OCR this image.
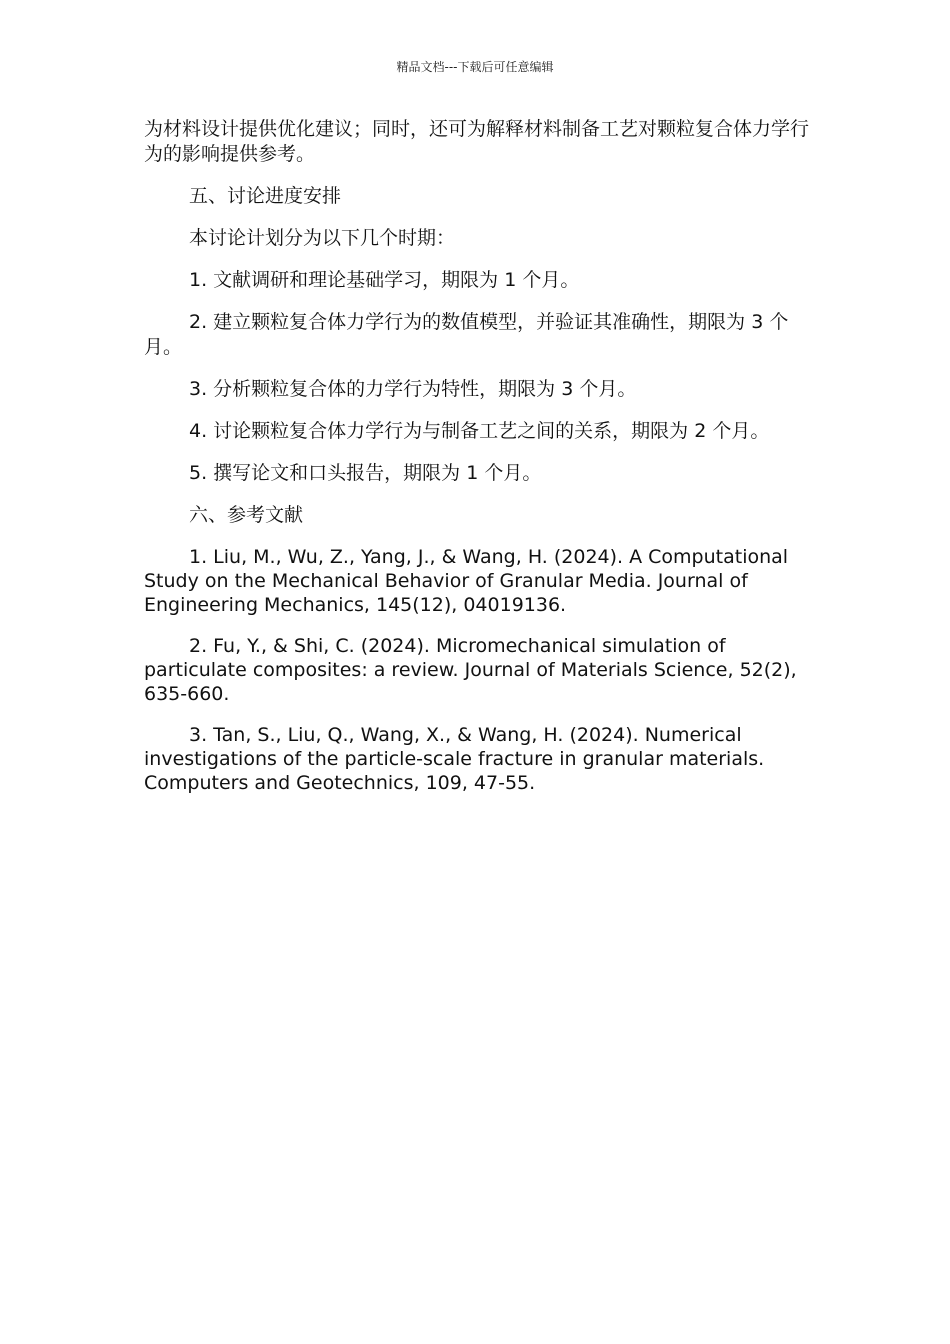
精品文档---下载后可任意编辑

为材料设计提供优化建议；同时，还可为解释材料制备工艺对颗粒复合体力学行为的影响提供参考。

五、讨论进度安排

本讨论计划分为以下几个时期：

1. 文献调研和理论基础学习，期限为 1 个月。

2. 建立颗粒复合体力学行为的数值模型，并验证其准确性，期限为 3 个月。

3. 分析颗粒复合体的力学行为特性，期限为 3 个月。

4. 讨论颗粒复合体力学行为与制备工艺之间的关系，期限为 2 个月。

5. 撰写论文和口头报告，期限为 1 个月。

六、参考文献

1. Liu, M., Wu, Z., Yang, J., & Wang, H. (2024). A Computational Study on the Mechanical Behavior of Granular Media. Journal of Engineering Mechanics, 145(12), 04019136.

2. Fu, Y., & Shi, C. (2024). Micromechanical simulation of particulate composites: a review. Journal of Materials Science, 52(2), 635-660.

3. Tan, S., Liu, Q., Wang, X., & Wang, H. (2024). Numerical investigations of the particle-scale fracture in granular materials. Computers and Geotechnics, 109, 47-55.
